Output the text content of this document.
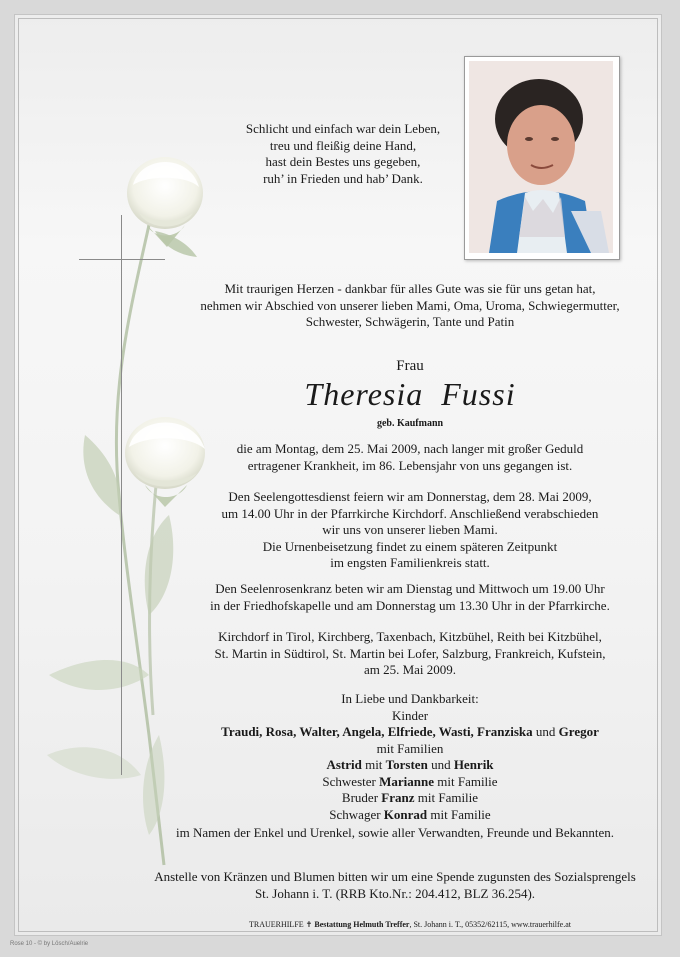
Schlicht und einfach war dein Leben,
treu und fleißig deine Hand,
hast dein Bestes uns gegeben,
ruh’ in Frieden und hab’ Dank.
Mit traurigen Herzen - dankbar für alles Gute was sie für uns getan hat,
nehmen wir Abschied von unserer lieben Mami, Oma, Uroma, Schwiegermutter,
Schwester, Schwägerin, Tante und Patin
Frau
Theresia  Fussi
geb. Kaufmann
die am Montag, dem 25. Mai 2009, nach langer mit großer Geduld
ertragener Krankheit, im 86. Lebensjahr von uns gegangen ist.
Den Seelengottesdienst feiern wir am Donnerstag, dem 28. Mai 2009,
um 14.00 Uhr in der Pfarrkirche Kirchdorf. Anschließend verabschieden
wir uns von unserer lieben Mami.
Die Urnenbeisetzung findet zu einem späteren Zeitpunkt
im engsten Familienkreis statt.
Den Seelenrosenkranz beten wir am Dienstag und Mittwoch um 19.00 Uhr
in der Friedhofskapelle und am Donnerstag um 13.30 Uhr in der Pfarrkirche.
Kirchdorf in Tirol, Kirchberg, Taxenbach, Kitzbühel, Reith bei Kitzbühel,
St. Martin in Südtirol, St. Martin bei Lofer, Salzburg, Frankreich, Kufstein,
am 25. Mai 2009.
In Liebe und Dankbarkeit:
Kinder
Traudi, Rosa, Walter, Angela, Elfriede, Wasti, Franziska und Gregor
mit Familien
Astrid mit Torsten und Henrik
Schwester Marianne mit Familie
Bruder Franz mit Familie
Schwager Konrad mit Familie
im Namen der Enkel und Urenkel, sowie aller Verwandten, Freunde und Bekannten.
Anstelle von Kränzen und Blumen bitten wir um eine Spende zugunsten des Sozialsprengels
St. Johann i. T. (RRB Kto.Nr.: 204.412, BLZ 36.254).
TRAUERHILFE ✝ Bestattung Helmuth Treffer, St. Johann i. T., 05352/62115, www.trauerhilfe.at
Rose 10 - © by Lösch/Auelrie
